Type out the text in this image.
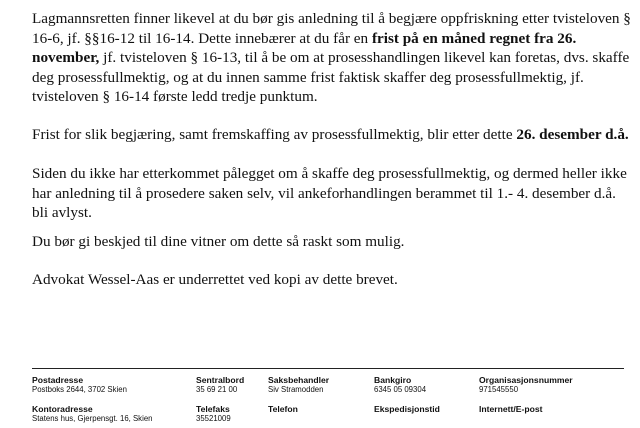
Lagmannsretten finner likevel at du bør gis anledning til å begjære oppfriskning etter tvisteloven § 16-6, jf. §§16-12 til 16-14. Dette innebærer at du får en frist på en måned regnet fra 26. november, jf. tvisteloven § 16-13, til å be om at prosesshandlingen likevel kan foretas, dvs. skaffe deg prosessfullmektig, og at du innen samme frist faktisk skaffer deg prosessfullmektig, jf. tvisteloven § 16-14 første ledd tredje punktum.

Frist for slik begjæring, samt fremskaffing av prosessfullmektig, blir etter dette 26. desember d.å.

Siden du ikke har etterkommet pålegget om å skaffe deg prosessfullmektig, og dermed heller ikke har anledning til å prosedere saken selv, vil ankeforhandlingen berammet til 1.- 4. desember d.å. bli avlyst.

Du bør gi beskjed til dine vitner om dette så raskt som mulig.

Advokat Wessel-Aas er underrettet ved kopi av dette brevet.

Postadresse
Postboks 2644, 3702 Skien
Sentralbord
35 69 21 00
Saksbehandler
Siv Stramodden
Bankgiro
6345 05 09304
Organisasjonsnummer
971545550
Kontoradresse
Statens hus, Gjerpensgt. 16, Skien
Telefaks
35521009
Telefon	Ekspedisjonstid	Internett/E-post
